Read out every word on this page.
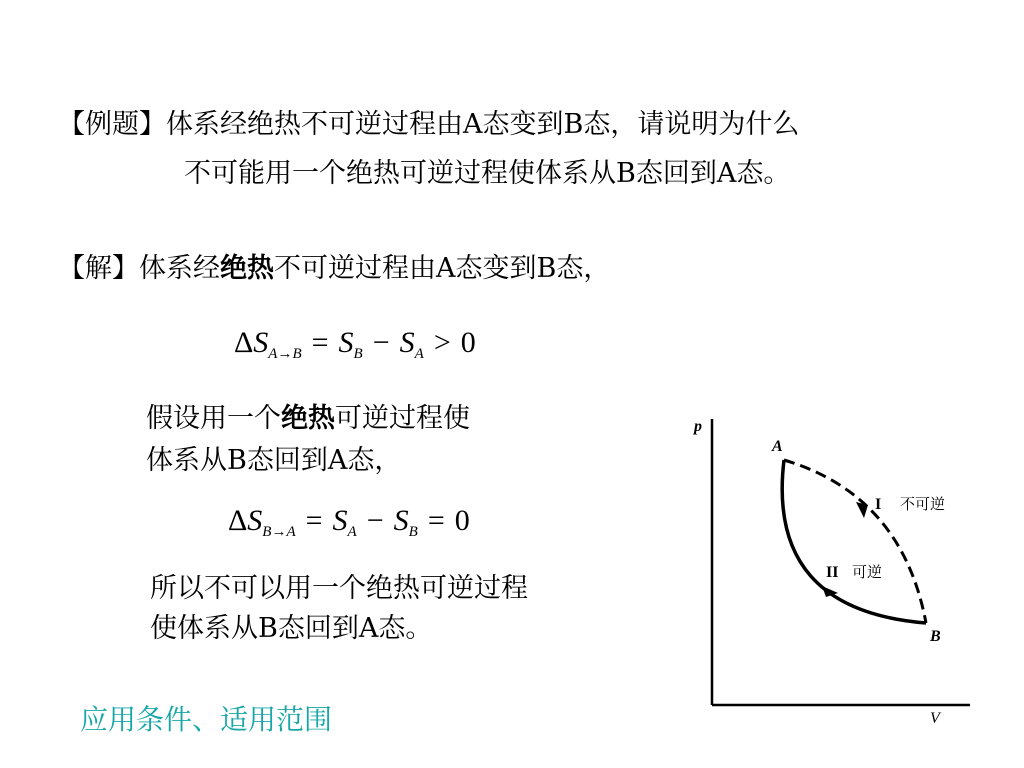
【例题】体系经绝热不可逆过程由A态变到B态，请说明为什么
不可能用一个绝热可逆过程使体系从B态回到A态。
【解】体系经绝热不可逆过程由A态变到B态，
$\Delta S_{A\to B} = S_B - S_A > 0$
假设用一个绝热可逆过程使
体系从B态回到A态，
$\Delta S_{B\to A} = S_A - S_B = 0$
所以不可以用一个绝热可逆过程
使体系从B态回到A态。
应用条件、适用范围
p
V
A
B
I 不可逆
II 可逆
